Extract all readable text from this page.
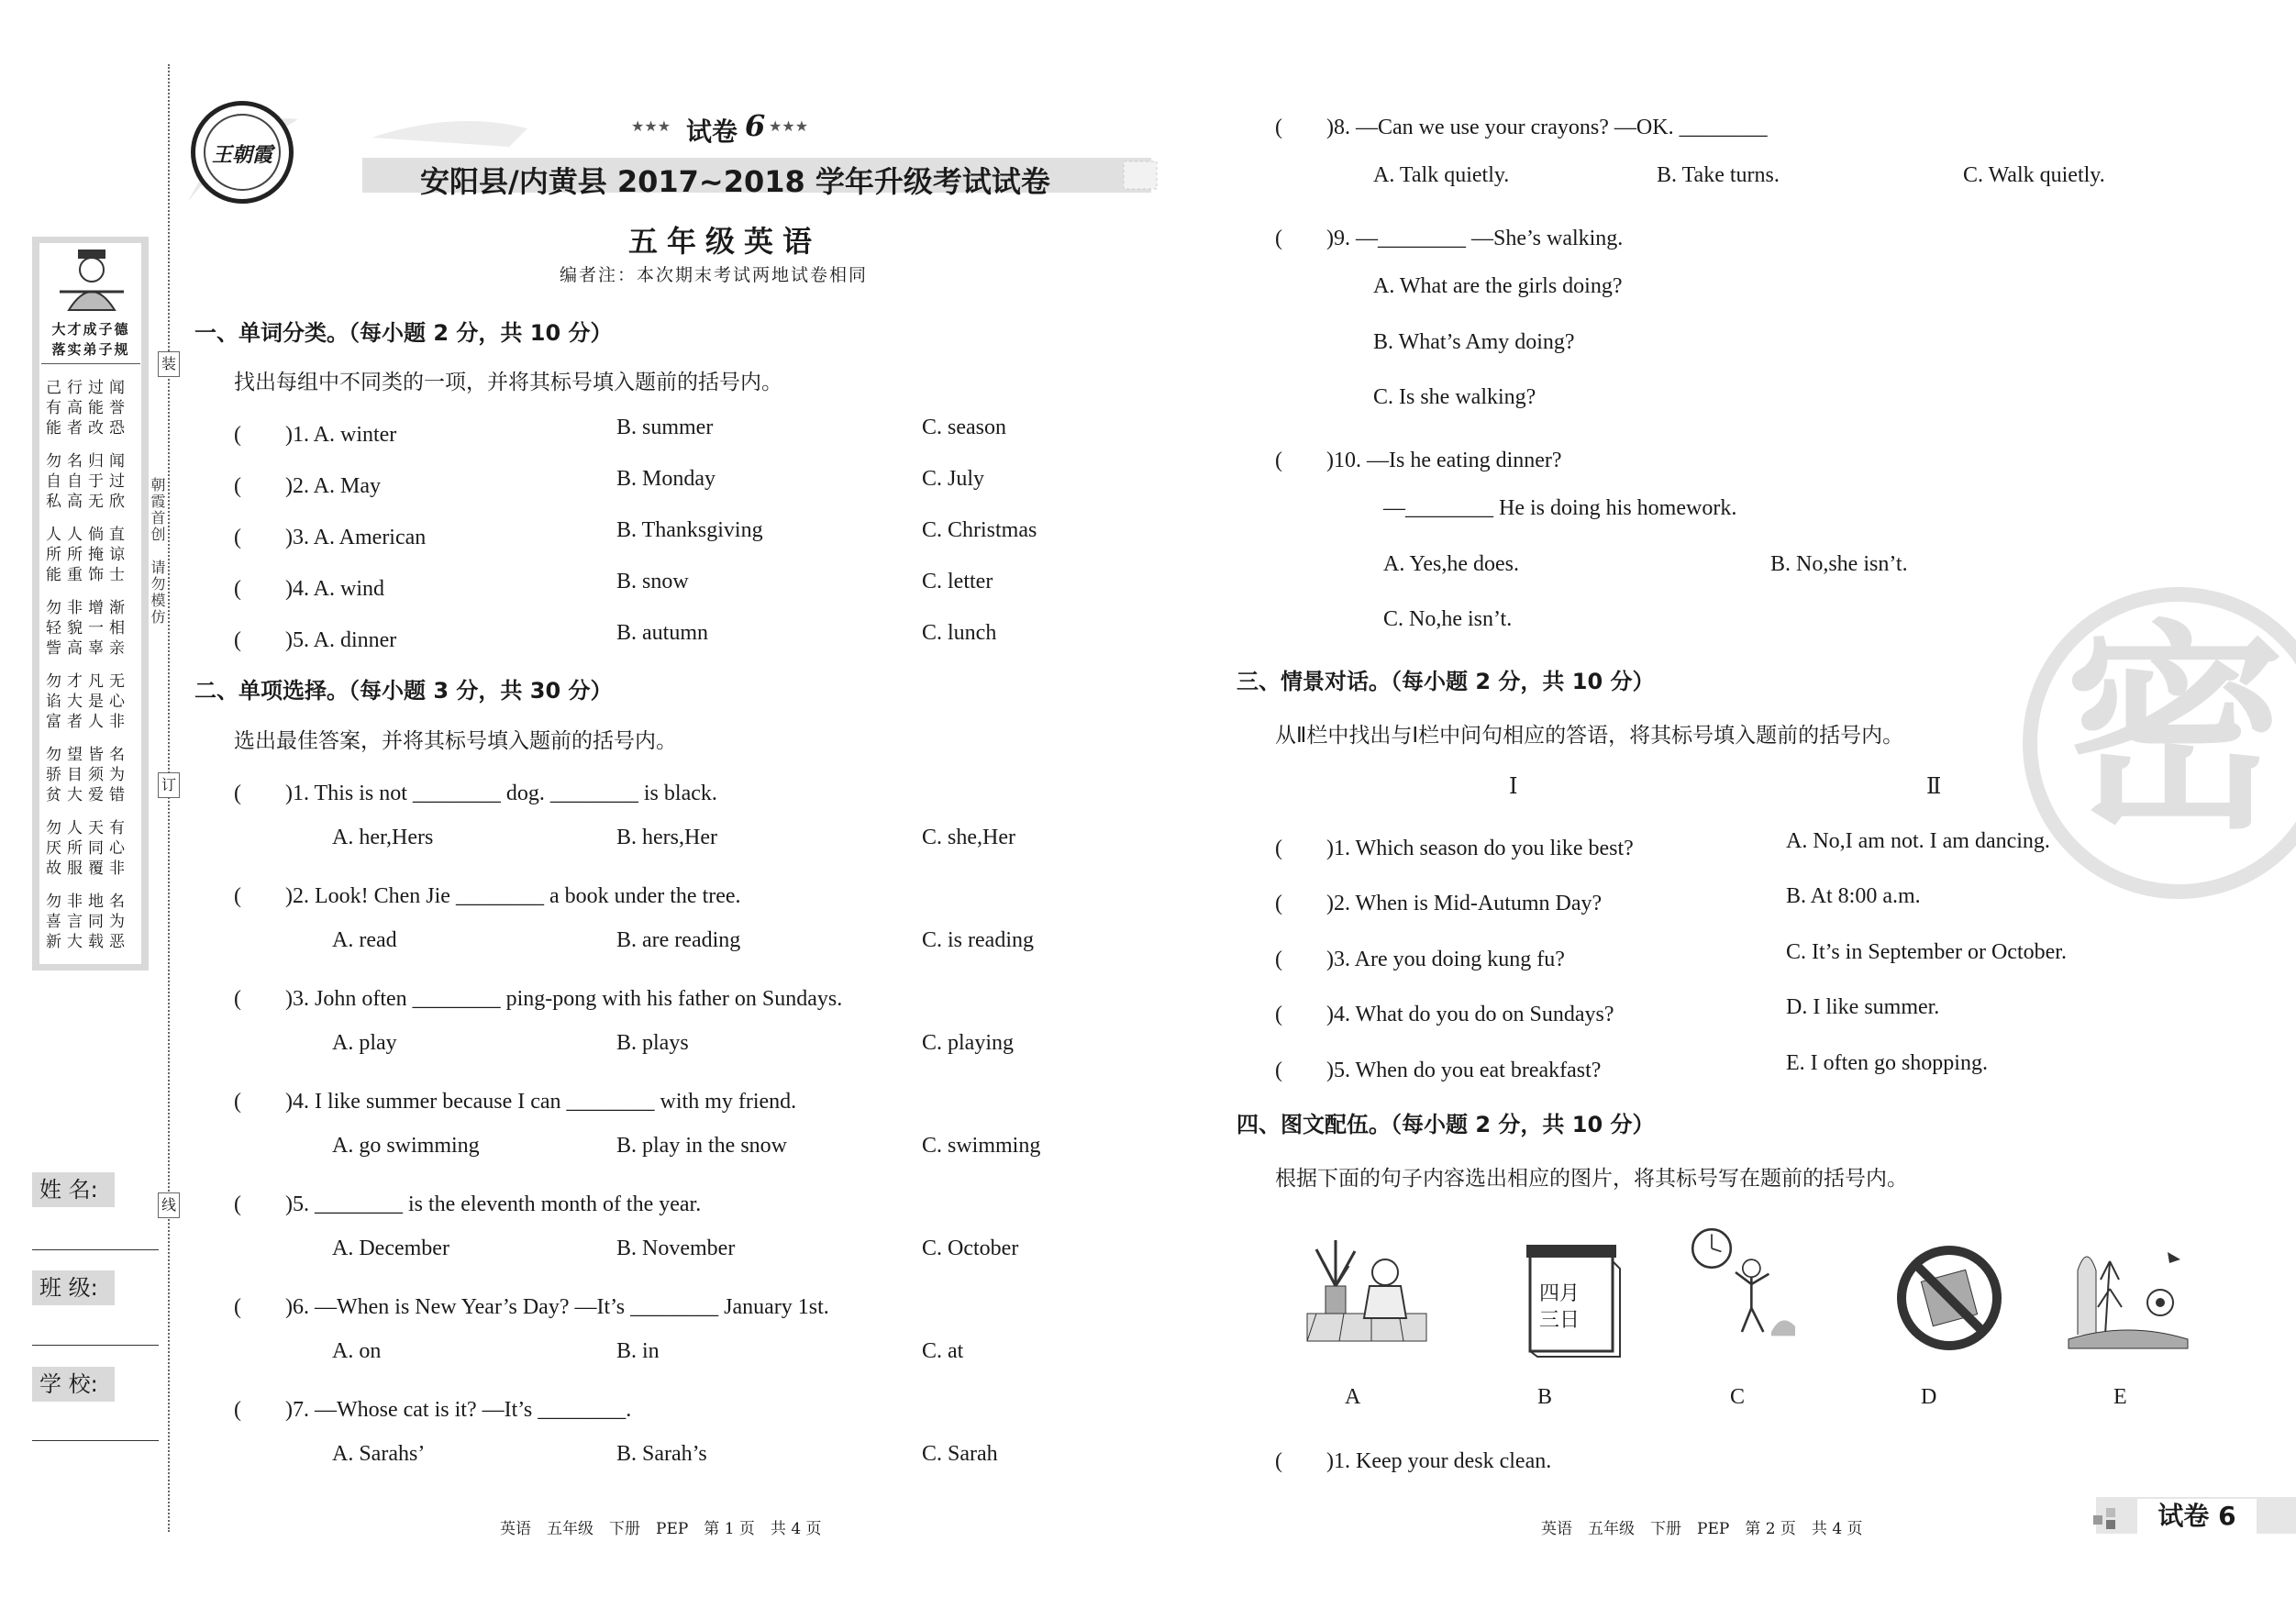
装
订
线
朝霞首创　请勿模仿
大才成子德
落实弟子规
己行过闻
有高能誉
能者改恐
勿名归闻
自自于过
私高无欣
人人倘直
所所掩谅
能重饰士
勿非增渐
轻貌一相
訾高辜亲
勿才凡无
谄大是心
富者人非
勿望皆名
骄目须为
贫大爱错
勿人天有
厌所同心
故服覆非
勿非地名
喜言同为
新大载恶
姓 名:
班 级:
学 校:
王朝霞
★★★ 试卷 6 ★★★
安阳县/内黄县 2017~2018 学年升级考试试卷
五年级英语
编者注：本次期末考试两地试卷相同
一、单词分类。（每小题 2 分，共 10 分）
找出每组中不同类的一项，并将其标号填入题前的括号内。
(　　)1. A. winter	B. summer	C. season
(　　)2. A. May	B. Monday	C. July
(　　)3. A. American	B. Thanksgiving	C. Christmas
(　　)4. A. wind	B. snow	C. letter
(　　)5. A. dinner	B. autumn	C. lunch
二、单项选择。（每小题 3 分，共 30 分）
选出最佳答案，并将其标号填入题前的括号内。
(　　)1. This is not ________ dog. ________ is black.
A. her,Hers	B. hers,Her	C. she,Her
(　　)2. Look! Chen Jie ________ a book under the tree.
A. read	B. are reading	C. is reading
(　　)3. John often ________ ping-pong with his father on Sundays.
A. play	B. plays	C. playing
(　　)4. I like summer because I can ________ with my friend.
A. go swimming	B. play in the snow	C. swimming
(　　)5. ________ is the eleventh month of the year.
A. December	B. November	C. October
(　　)6. —When is New Year’s Day? —It’s ________ January 1st.
A. on	B. in	C. at
(　　)7. —Whose cat is it? —It’s ________.
A. Sarahs’	B. Sarah’s	C. Sarah
英语　五年级　下册　PEP　第 1 页　共 4 页
密
(　　)8. —Can we use your crayons? —OK. ________
A. Talk quietly.	B. Take turns.	C. Walk quietly.
(　　)9. —________ —She’s walking.
A. What are the girls doing?
B. What’s Amy doing?
C. Is she walking?
(　　)10. —Is he eating dinner?
—________ He is doing his homework.
A. Yes,he does.	B. No,she isn’t.
C. No,he isn’t.
三、情景对话。（每小题 2 分，共 10 分）
从Ⅱ栏中找出与Ⅰ栏中问句相应的答语，将其标号填入题前的括号内。
Ⅰ	Ⅱ
(　　)1. Which season do you like best?	A. No,I am not. I am dancing.
(　　)2. When is Mid-Autumn Day?	B. At 8:00 a.m.
(　　)3. Are you doing kung fu?	C. It’s in September or October.
(　　)4. What do you do on Sundays?	D. I like summer.
(　　)5. When do you eat breakfast?	E. I often go shopping.
四、图文配伍。（每小题 2 分，共 10 分）
根据下面的句子内容选出相应的图片，将其标号写在题前的括号内。
四月
三日
A	B	C	D	E
(　　)1. Keep your desk clean.
英语　五年级　下册　PEP　第 2 页　共 4 页	试卷 6
